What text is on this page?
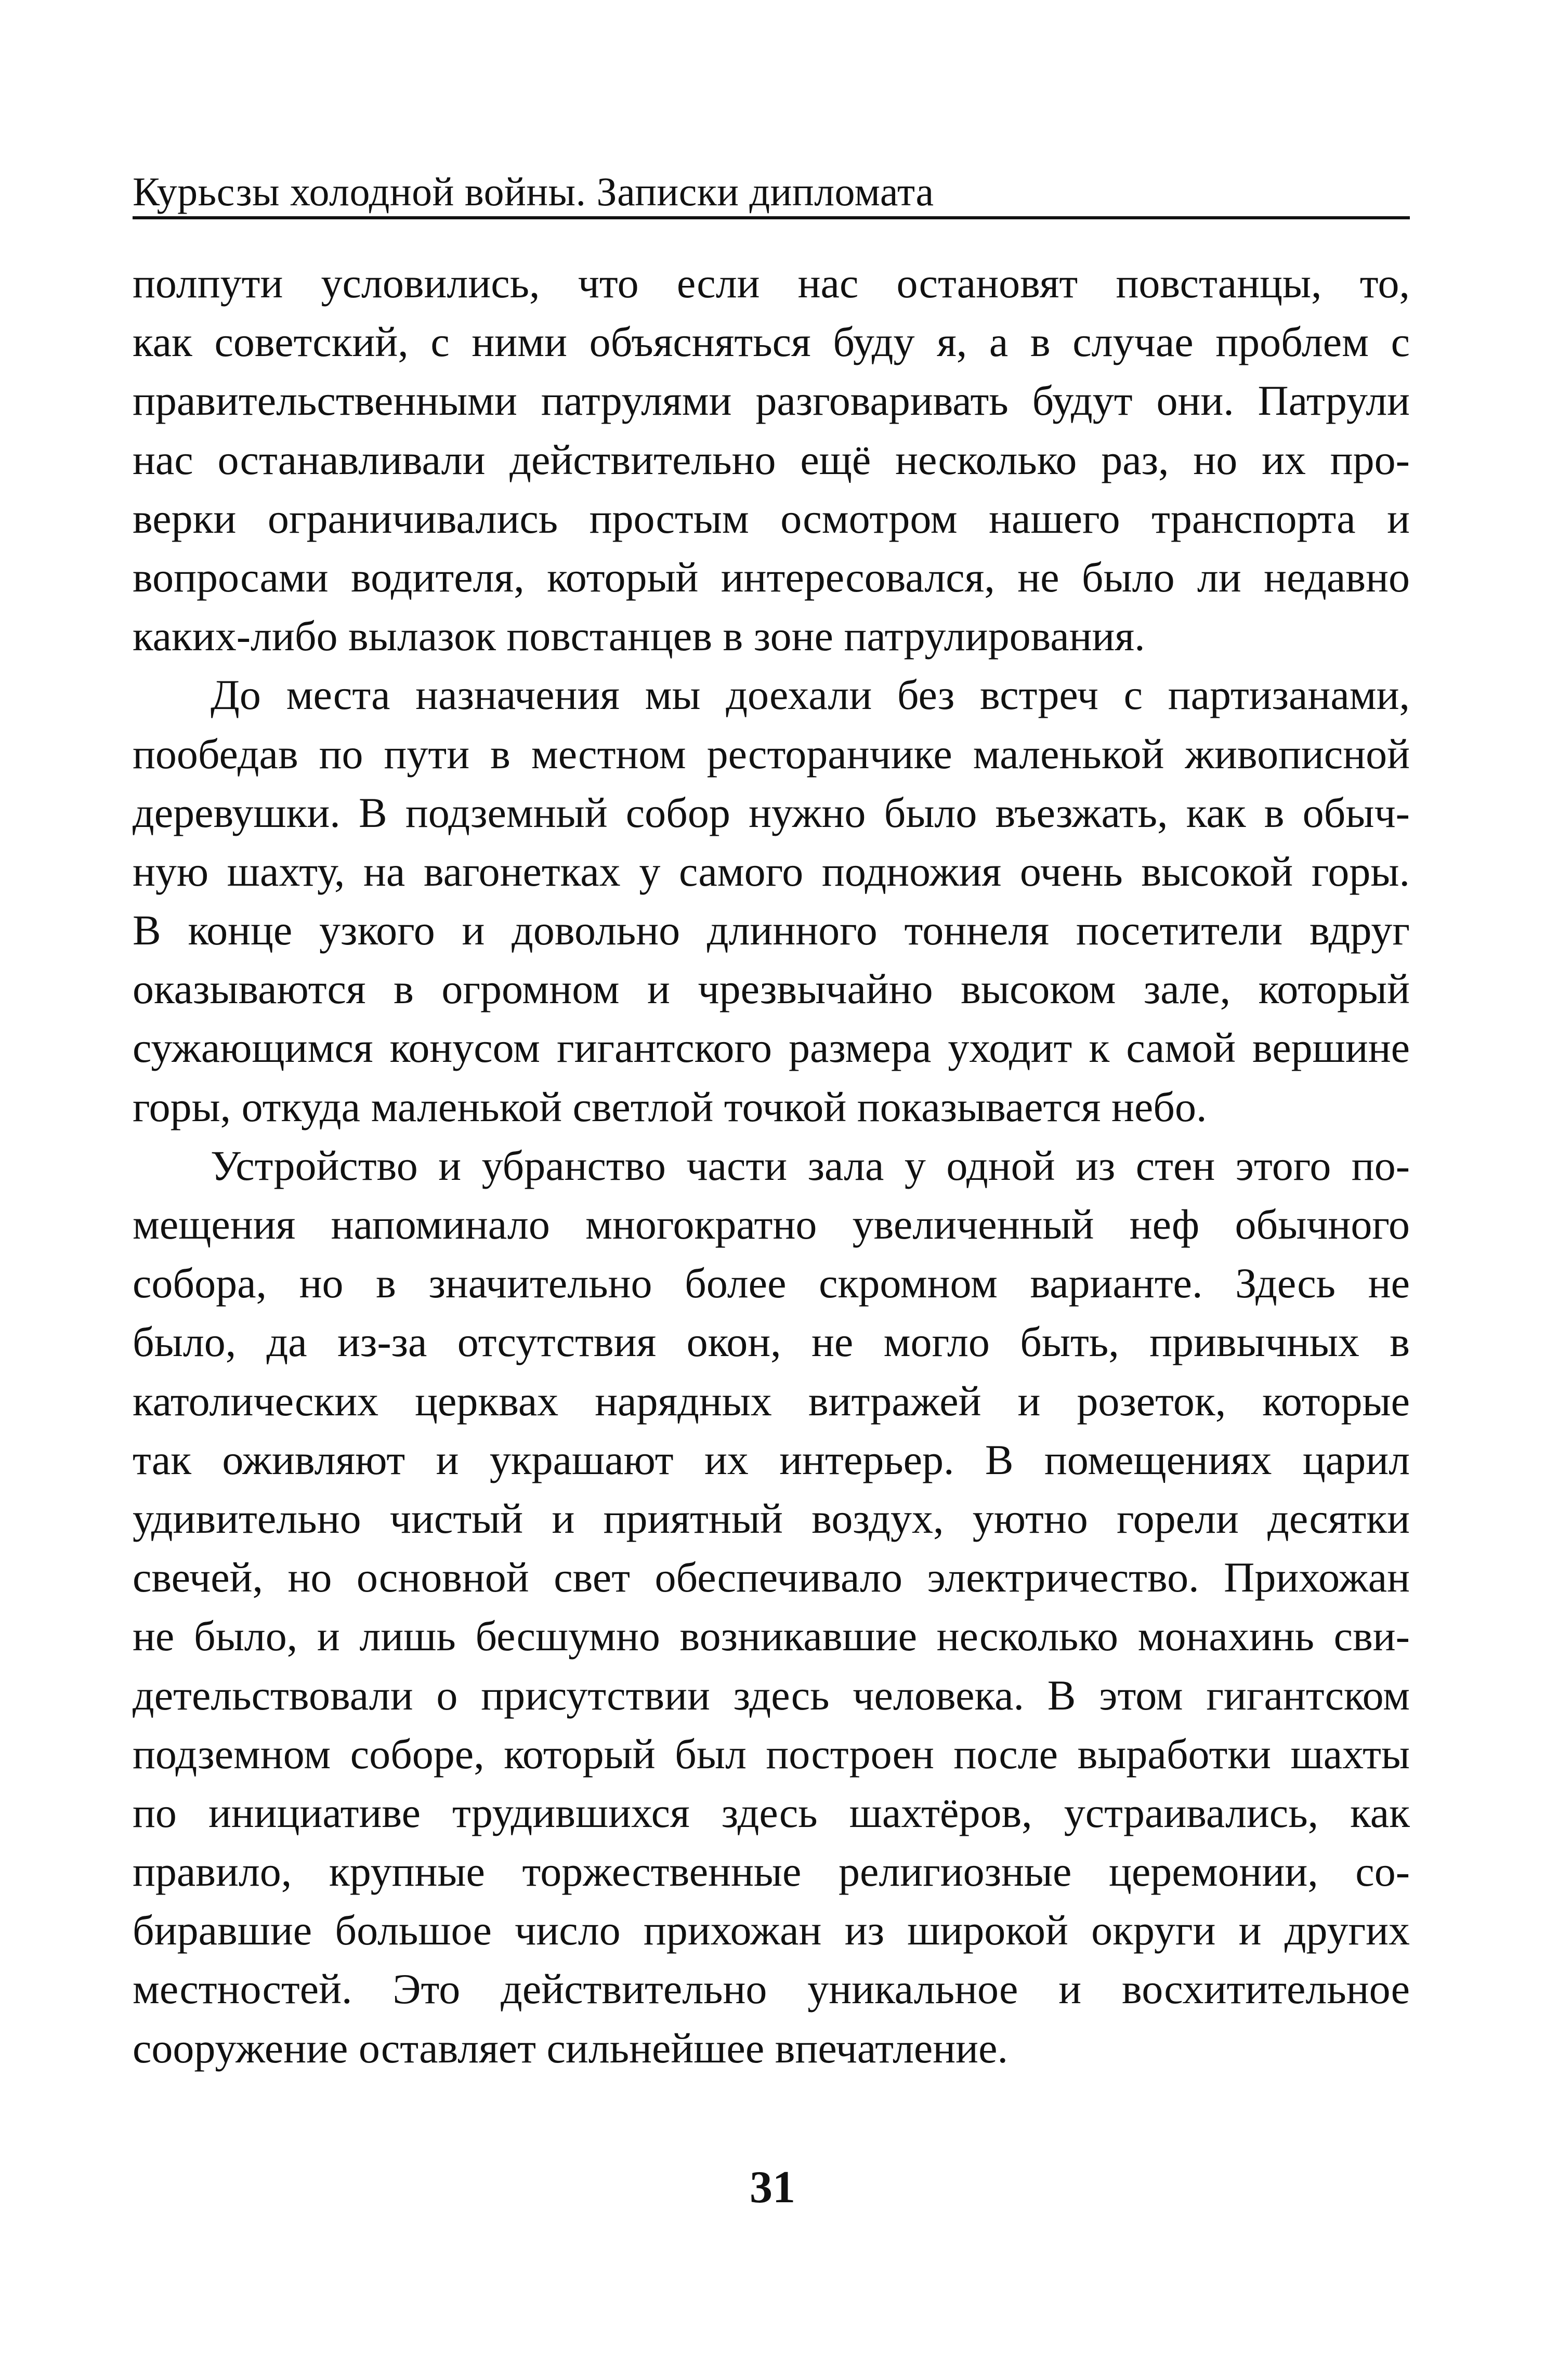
Курьсзы холодной войны. Записки дипломата
полпути условились, что если нас остановят повстанцы, то,
как советский, с ними объясняться буду я, а в случае проблем с
правительственными патрулями разговаривать будут они. Патрули
нас останавливали действительно ещё несколько раз, но их про-
верки ограничивались простым осмотром нашего транспорта и
вопросами водителя, который интересовался, не было ли недавно
каких-либо вылазок повстанцев в зоне патрулирования.
До места назначения мы доехали без встреч с партизанами,
пообедав по пути в местном ресторанчике маленькой живописной
деревушки. В подземный собор нужно было въезжать, как в обыч-
ную шахту, на вагонетках у самого подножия очень высокой горы.
В конце узкого и довольно длинного тоннеля посетители вдруг
оказываются в огромном и чрезвычайно высоком зале, который
сужающимся конусом гигантского размера уходит к самой вершине
горы, откуда маленькой светлой точкой показывается небо.
Устройство и убранство части зала у одной из стен этого по-
мещения напоминало многократно увеличенный неф обычного
собора, но в значительно более скромном варианте. Здесь не
было, да из-за отсутствия окон, не могло быть, привычных в
католических церквах нарядных витражей и розеток, которые
так оживляют и украшают их интерьер. В помещениях царил
удивительно чистый и приятный воздух, уютно горели десятки
свечей, но основной свет обеспечивало электричество. Прихожан
не было, и лишь бесшумно возникавшие несколько монахинь сви-
детельствовали о присутствии здесь человека. В этом гигантском
подземном соборе, который был построен после выработки шахты
по инициативе трудившихся здесь шахтёров, устраивались, как
правило, крупные торжественные религиозные церемонии, со-
биравшие большое число прихожан из широкой округи и других
местностей. Это действительно уникальное и восхитительное
сооружение оставляет сильнейшее впечатление.
31
